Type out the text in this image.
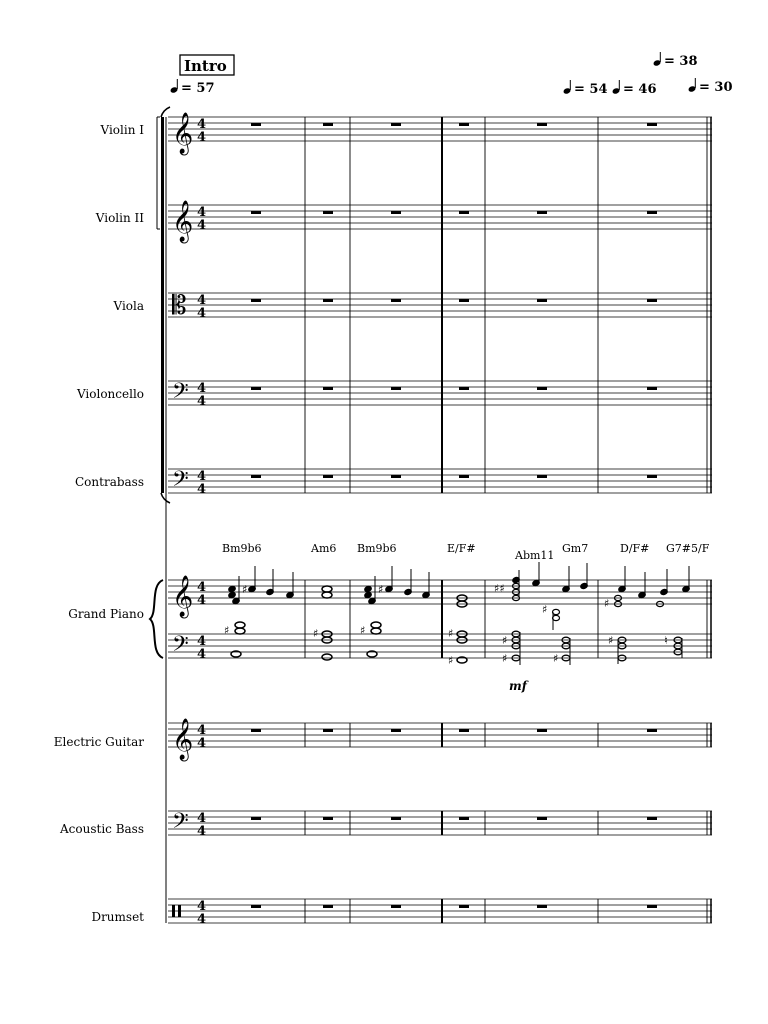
Intro
= 57	= 54 = 46
= 38
= 30
Violin I
Violin II
Viola
Violoncello
Contrabass
Grand Piano
Electric Guitar
Acoustic Bass
Drumset
𝄞
𝄞
𝄡
𝄢
𝄢
𝄞
𝄢
𝄞
𝄢
4
4
4
4
4
4
4
4
4
4
4
4
4
4
4
4
4
4
4
4
Bm9b6	Am6 Bm9b6	E/F#
Abm11
Gm7	D/F# G7#5/F
♯	♯	♯♯
♯	♯
♯	♯	♯	♯
♯
♯
♯	♯
♯	♮
mf
